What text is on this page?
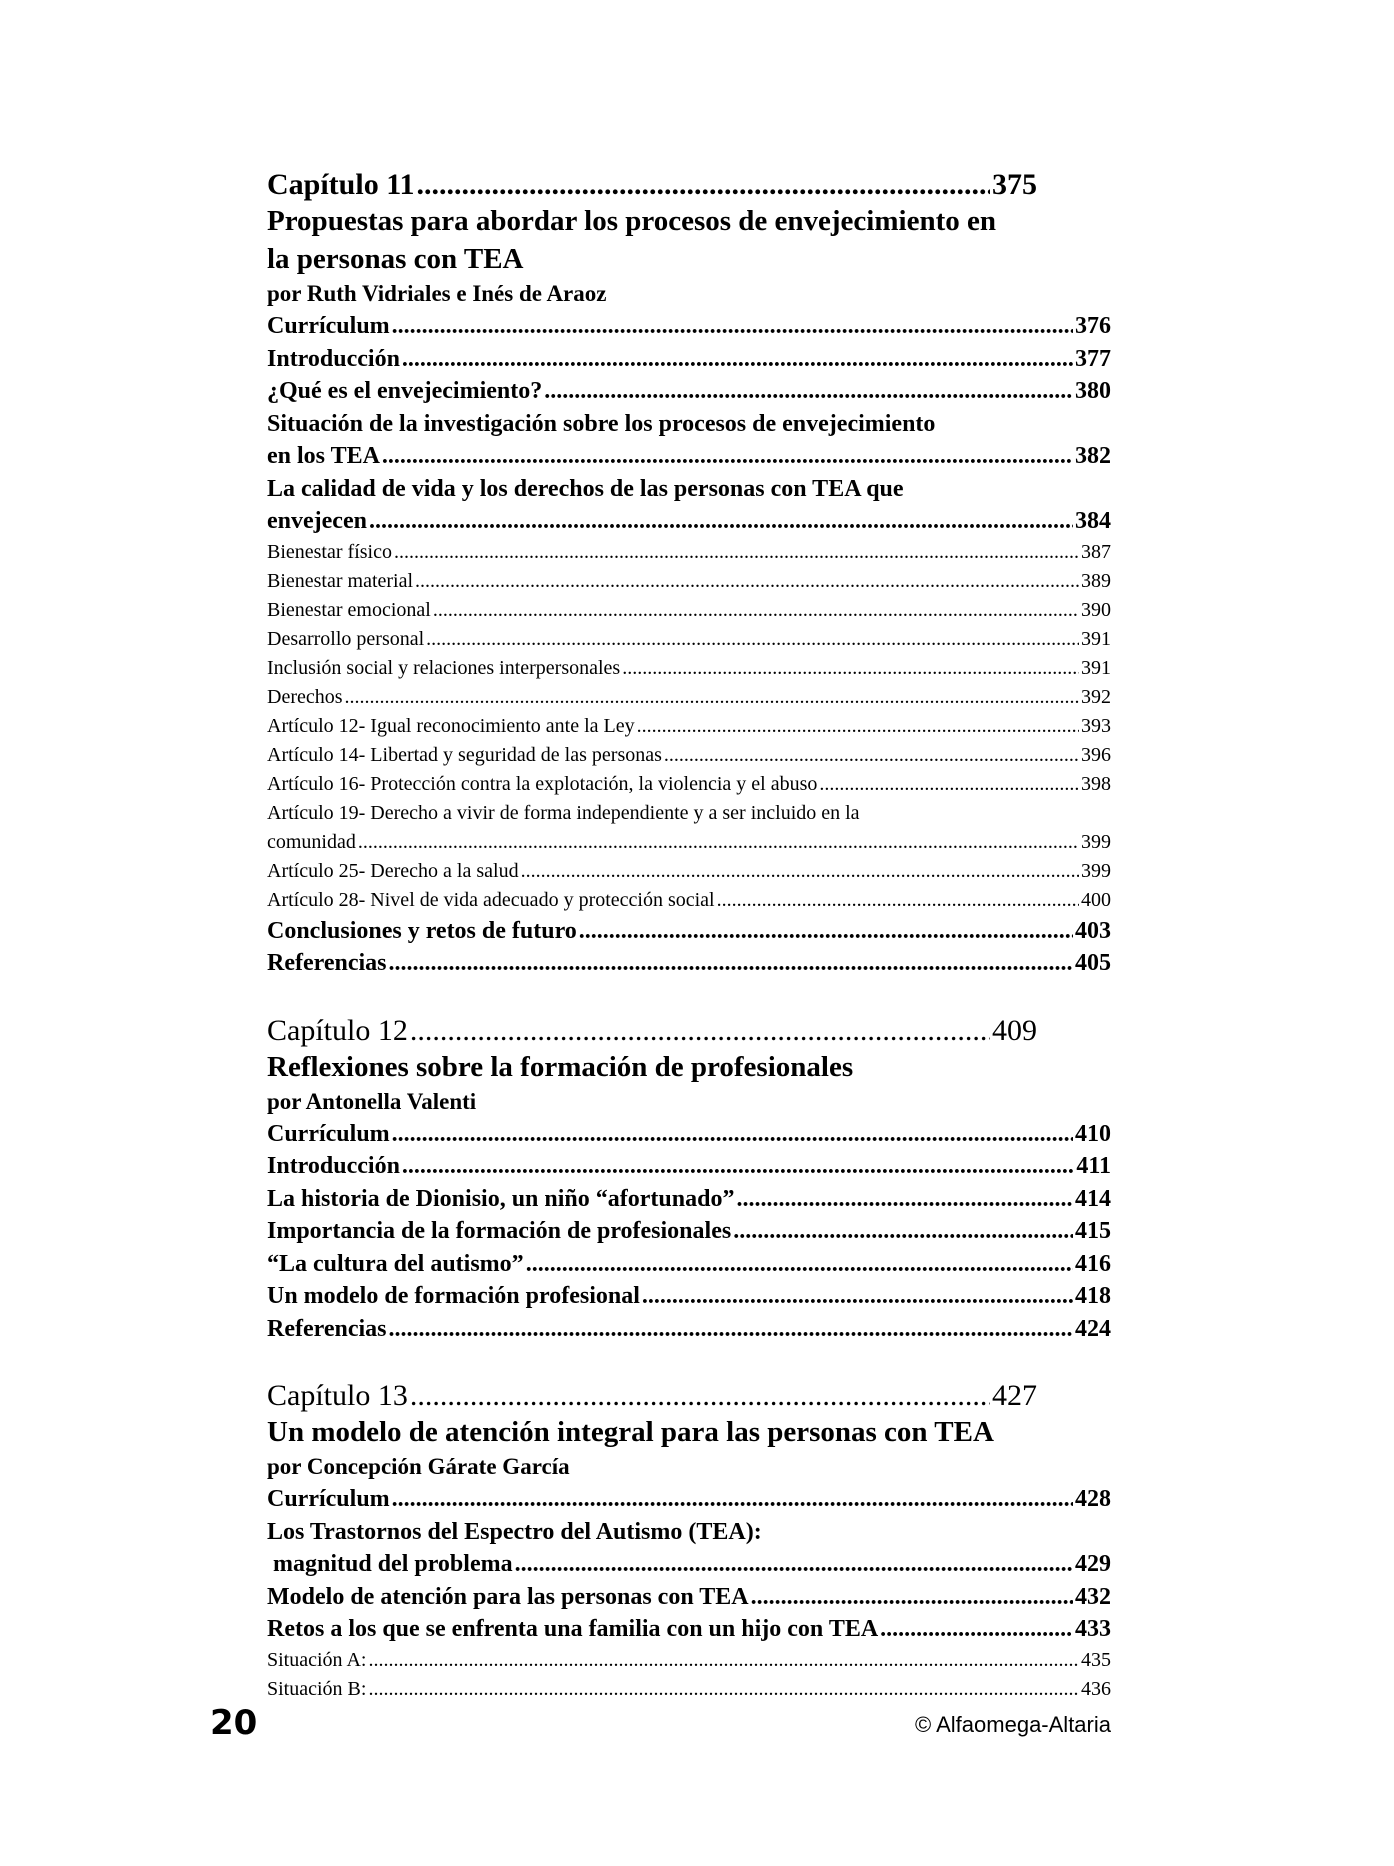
Capítulo 11 .....	375
Propuestas para abordar los procesos de envejecimiento en
la personas con TEA
por Ruth Vidriales e Inés de Araoz
Currículum .....	376
Introducción .....	377
¿Qué es el envejecimiento? .....	380
Situación de la investigación sobre los procesos de envejecimiento
en los TEA .....	382
La calidad de vida y los derechos de las personas con TEA que
envejecen .....	384
Bienestar físico .....	387
Bienestar material .....	389
Bienestar emocional .....	390
Desarrollo personal .....	391
Inclusión social y relaciones interpersonales .....	391
Derechos .....	392
Artículo 12- Igual reconocimiento ante la Ley .....	393
Artículo 14- Libertad y seguridad de las personas .....	396
Artículo 16- Protección contra la explotación, la violencia y el abuso .....	398
Artículo 19- Derecho a vivir de forma independiente y a ser incluido en la
comunidad .....	399
Artículo 25- Derecho a la salud .....	399
Artículo 28- Nivel de vida adecuado y protección social .....	400
Conclusiones y retos de futuro .....	403
Referencias .....	405
Capítulo 12 .....	409
Reflexiones sobre la formación de profesionales
por Antonella Valenti
Currículum .....	410
Introducción .....	411
La historia de Dionisio, un niño “afortunado” .....	414
Importancia de la formación de profesionales .....	415
“La cultura del autismo” .....	416
Un modelo de formación profesional .....	418
Referencias .....	424
Capítulo 13 .....	427
Un modelo de atención integral para las personas con TEA
por Concepción Gárate García
Currículum .....	428
Los Trastornos del Espectro del Autismo (TEA):
magnitud del problema .....	429
Modelo de atención para las personas con TEA .....	432
Retos a los que se enfrenta una familia con un hijo con TEA .....	433
Situación A: .....	435
Situación B: .....	436
20	© Alfaomega-Altaria
